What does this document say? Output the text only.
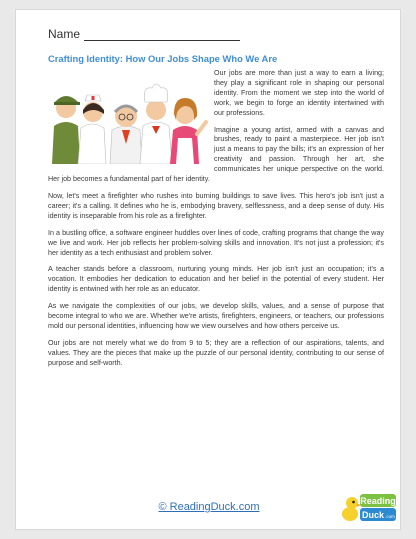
Name
Crafting Identity: How Our Jobs Shape Who We Are

Our jobs are more than just a way to earn a living; they play a significant role in shaping our personal identity. From the moment we step into the world of work, we begin to forge an identity intertwined with our professions.

Imagine a young artist, armed with a canvas and brushes, ready to paint a masterpiece. Her job isn't just a means to pay the bills; it's an expression of her creativity and passion. Through her art, she communicates her unique perspective on the world. Her job becomes a fundamental part of her identity.

Now, let's meet a firefighter who rushes into burning buildings to save lives. This hero's job isn't just a career; it's a calling. It defines who he is, embodying bravery, selflessness, and a deep sense of duty. His identity is inseparable from his role as a firefighter.

In a bustling office, a software engineer huddles over lines of code, crafting programs that change the way we live and work. Her job reflects her problem-solving skills and innovation. It's not just a profession; it's her identity as a tech enthusiast and problem solver.

A teacher stands before a classroom, nurturing young minds. Her job isn't just an occupation; it's a vocation. It embodies her dedication to education and her belief in the potential of every student. Her identity is entwined with her role as an educator.

As we navigate the complexities of our jobs, we develop skills, values, and a sense of purpose that become integral to who we are. Whether we're artists, firefighters, engineers, or teachers, our professions mold our personal identities, influencing how we view ourselves and how others perceive us.

Our jobs are not merely what we do from 9 to 5; they are a reflection of our aspirations, talents, and values. They are the pieces that make up the puzzle of our personal identity, contributing to our sense of purpose and self-worth.

© ReadingDuck.com	Reading
Duck .com
